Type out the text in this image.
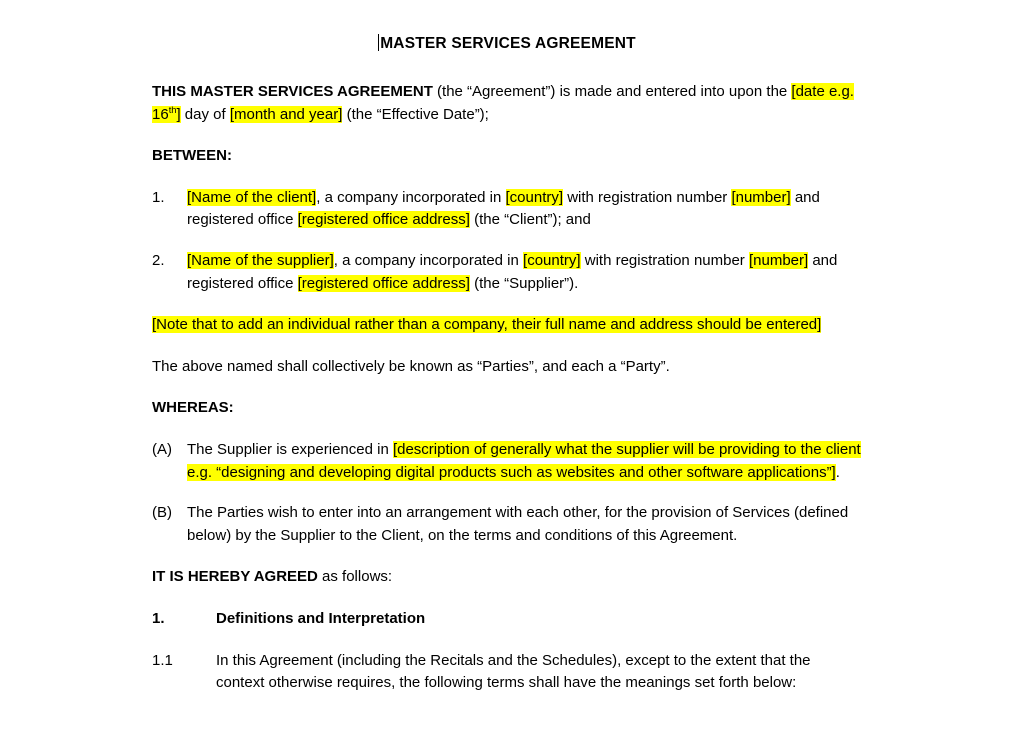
MASTER SERVICES AGREEMENT

THIS MASTER SERVICES AGREEMENT (the “Agreement”) is made and entered into upon the [date e.g. 16th] day of [month and year] (the “Effective Date”);

BETWEEN:

1.	[Name of the client], a company incorporated in [country] with registration number [number] and registered office [registered office address] (the “Client”); and
2.	[Name of the supplier], a company incorporated in [country] with registration number [number] and registered office [registered office address] (the “Supplier”).

[Note that to add an individual rather than a company, their full name and address should be entered]

The above named shall collectively be known as “Parties”, and each a “Party”.

WHEREAS:

(A)	The Supplier is experienced in [description of generally what the supplier will be providing to the client e.g. “designing and developing digital products such as websites and other software applications”].
(B)	The Parties wish to enter into an arrangement with each other, for the provision of Services (defined below) by the Supplier to the Client, on the terms and conditions of this Agreement.

IT IS HEREBY AGREED as follows:

1.	Definitions and Interpretation
1.1	In this Agreement (including the Recitals and the Schedules), except to the extent that the context otherwise requires, the following terms shall have the meanings set forth below:
